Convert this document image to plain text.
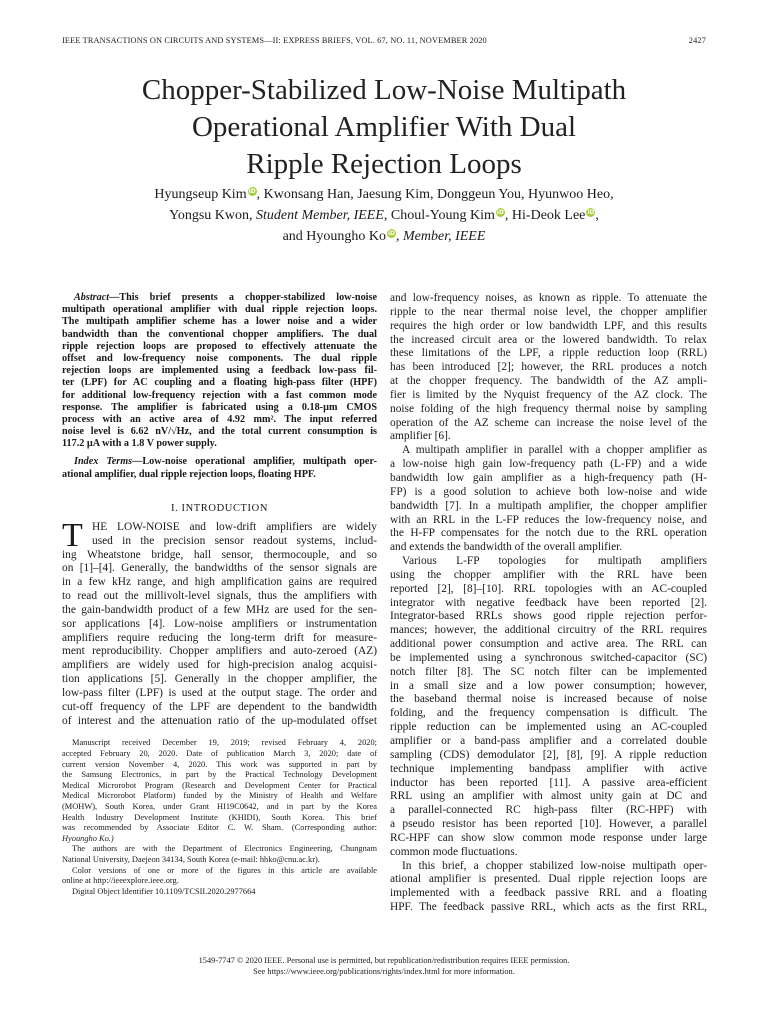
IEEE TRANSACTIONS ON CIRCUITS AND SYSTEMS—II: EXPRESS BRIEFS, VOL. 67, NO. 11, NOVEMBER 2020	2427
Chopper-Stabilized Low-Noise Multipath
Operational Amplifier With Dual
Ripple Rejection Loops
Hyungseup Kim iD, Kwonsang Han, Jaesung Kim, Donggeun You, Hyunwoo Heo,
Yongsu Kwon, Student Member, IEEE, Choul-Young Kim iD, Hi-Deok Lee iD,
and Hyoungho Ko iD, Member, IEEE
Abstract—This brief presents a chopper-stabilized low-noise
multipath operational amplifier with dual ripple rejection loops.
The multipath amplifier scheme has a lower noise and a wider
bandwidth than the conventional chopper amplifiers. The dual
ripple rejection loops are proposed to effectively attenuate the
offset and low-frequency noise components. The dual ripple
rejection loops are implemented using a feedback low-pass fil-
ter (LPF) for AC coupling and a floating high-pass filter (HPF)
for additional low-frequency rejection with a fast common mode
response. The amplifier is fabricated using a 0.18-µm CMOS
process with an active area of 4.92 mm². The input referred
noise level is 6.62 nV/√Hz, and the total current consumption is
117.2 µA with a 1.8 V power supply.
Index Terms—Low-noise operational amplifier, multipath oper-
ational amplifier, dual ripple rejection loops, floating HPF.
I. INTRODUCTION
T HE LOW-NOISE and low-drift amplifiers are widely
used in the precision sensor readout systems, includ-
ing Wheatstone bridge, hall sensor, thermocouple, and so
on [1]–[4]. Generally, the bandwidths of the sensor signals are
in a few kHz range, and high amplification gains are required
to read out the millivolt-level signals, thus the amplifiers with
the gain-bandwidth product of a few MHz are used for the sen-
sor applications [4]. Low-noise amplifiers or instrumentation
amplifiers require reducing the long-term drift for measure-
ment reproducibility. Chopper amplifiers and auto-zeroed (AZ)
amplifiers are widely used for high-precision analog acquisi-
tion applications [5]. Generally in the chopper amplifier, the
low-pass filter (LPF) is used at the output stage. The order and
cut-off frequency of the LPF are dependent to the bandwidth
of interest and the attenuation ratio of the up-modulated offset
Manuscript received December 19, 2019; revised February 4, 2020;
accepted February 20, 2020. Date of publication March 3, 2020; date of
current version November 4, 2020. This work was supported in part by
the Samsung Electronics, in part by the Practical Technology Development
Medical Microrobot Program (Research and Development Center for Practical
Medical Microrobot Platform) funded by the Ministry of Health and Welfare
(MOHW), South Korea, under Grant HI19C0642, and in part by the Korea
Health Industry Development Institute (KHIDI), South Korea. This brief
was recommended by Associate Editor C. W. Sham. (Corresponding author:
Hyoungho Ko.)
The authors are with the Department of Electronics Engineering, Chungnam
National University, Daejeon 34134, South Korea (e-mail: hhko@cnu.ac.kr).
Color versions of one or more of the figures in this article are available
online at http://ieeexplore.ieee.org.
Digital Object Identifier 10.1109/TCSII.2020.2977664
and low-frequency noises, as known as ripple. To attenuate the
ripple to the near thermal noise level, the chopper amplifier
requires the high order or low bandwidth LPF, and this results
the increased circuit area or the lowered bandwidth. To relax
these limitations of the LPF, a ripple reduction loop (RRL)
has been introduced [2]; however, the RRL produces a notch
at the chopper frequency. The bandwidth of the AZ ampli-
fier is limited by the Nyquist frequency of the AZ clock. The
noise folding of the high frequency thermal noise by sampling
operation of the AZ scheme can increase the noise level of the
amplifier [6].
A multipath amplifier in parallel with a chopper amplifier as
a low-noise high gain low-frequency path (L-FP) and a wide
bandwidth low gain amplifier as a high-frequency path (H-
FP) is a good solution to achieve both low-noise and wide
bandwidth [7]. In a multipath amplifier, the chopper amplifier
with an RRL in the L-FP reduces the low-frequency noise, and
the H-FP compensates for the notch due to the RRL operation
and extends the bandwidth of the overall amplifier.
Various L-FP topologies for multipath amplifiers
using the chopper amplifier with the RRL have been
reported [2], [8]–[10]. RRL topologies with an AC-coupled
integrator with negative feedback have been reported [2].
Integrator-based RRLs shows good ripple rejection perfor-
mances; however, the additional circuitry of the RRL requires
additional power consumption and active area. The RRL can
be implemented using a synchronous switched-capacitor (SC)
notch filter [8]. The SC notch filter can be implemented
in a small size and a low power consumption; however,
the baseband thermal noise is increased because of noise
folding, and the frequency compensation is difficult. The
ripple reduction can be implemented using an AC-coupled
amplifier or a band-pass amplifier and a correlated double
sampling (CDS) demodulator [2], [8], [9]. A ripple reduction
technique implementing bandpass amplifier with active
inductor has been reported [11]. A passive area-efficient
RRL using an amplifier with almost unity gain at DC and
a parallel-connected RC high-pass filter (RC-HPF) with
a pseudo resistor has been reported [10]. However, a parallel
RC-HPF can show slow common mode response under large
common mode fluctuations.
In this brief, a chopper stabilized low-noise multipath oper-
ational amplifier is presented. Dual ripple rejection loops are
implemented with a feedback passive RRL and a floating
HPF. The feedback passive RRL, which acts as the first RRL,
1549-7747 © 2020 IEEE. Personal use is permitted, but republication/redistribution requires IEEE permission.
See https://www.ieee.org/publications/rights/index.html for more information.
